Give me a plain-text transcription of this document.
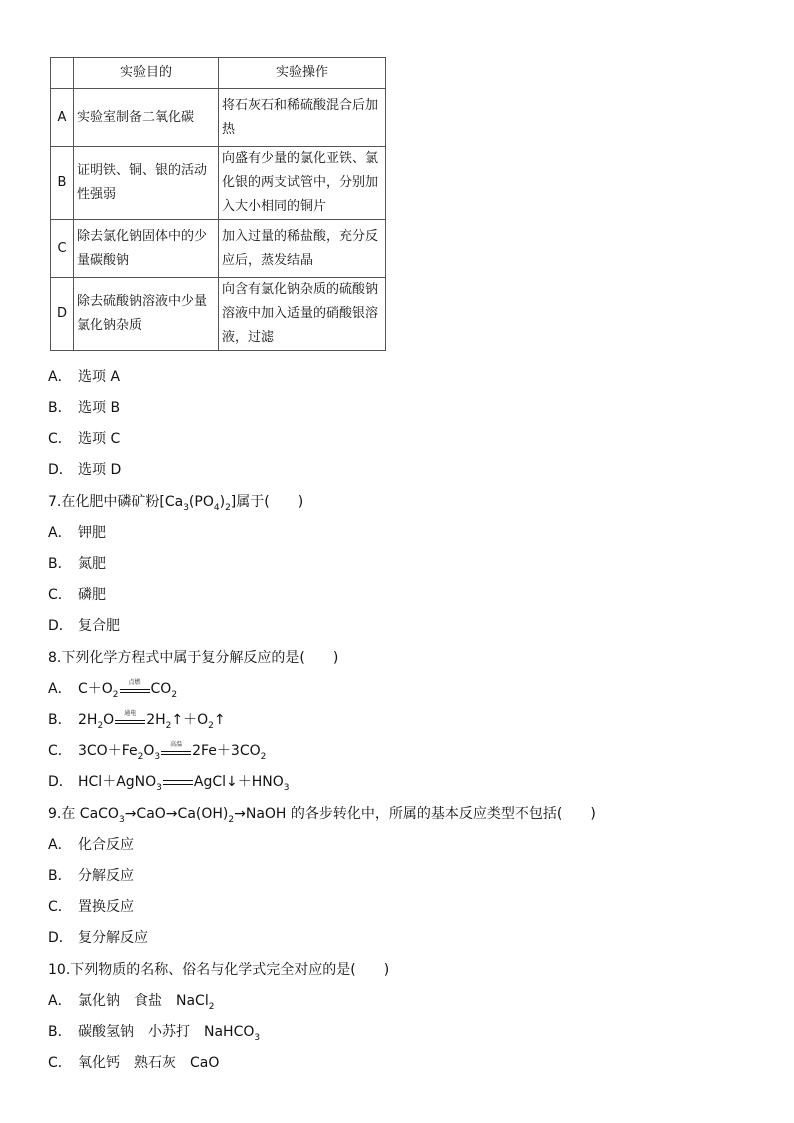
	实验目的	实验操作
A	实验室制备二氧化碳	将石灰石和稀硫酸混合后加热
B	证明铁、铜、银的活动性强弱	向盛有少量的氯化亚铁、氯化银的两支试管中，分别加入大小相同的铜片
C	除去氯化钠固体中的少量碳酸钠	加入过量的稀盐酸，充分反应后，蒸发结晶
D	除去硫酸钠溶液中少量氯化钠杂质	向含有氯化钠杂质的硫酸钠溶液中加入适量的硝酸银溶液，过滤
A． 选项 A
B． 选项 B
C． 选项 C
D． 选项 D
7.在化肥中磷矿粉$[Ca_3(PO_4)_2]$属于(　　)
A． 钾肥
B． 氮肥
C． 磷肥
D． 复合肥
8.下列化学方程式中属于复分解反应的是(　　)
A． $C+O_2$
点燃 $CO_2$
B． $2H_2O$	通电 $2H_2↑+O_2↑$
C． $3CO+Fe_2O_3$
高温 $2Fe+3CO_2$
D． HCl＋AgNO$_3$ $AgCl↓+HNO_3$
9.在 $CaCO_3\to CaO\to Ca(OH)_2\to NaOH$ 的各步转化中，所属的基本反应类型不包括(　　)
A． 化合反应
B． 分解反应
C． 置换反应
D． 复分解反应
10.下列物质的名称、俗名与化学式完全对应的是(　　)
A． 氯化钠　食盐　NaCl$_2$
B． 碳酸氢钠　小苏打　NaHCO$_3$
C． 氧化钙　熟石灰　CaO
